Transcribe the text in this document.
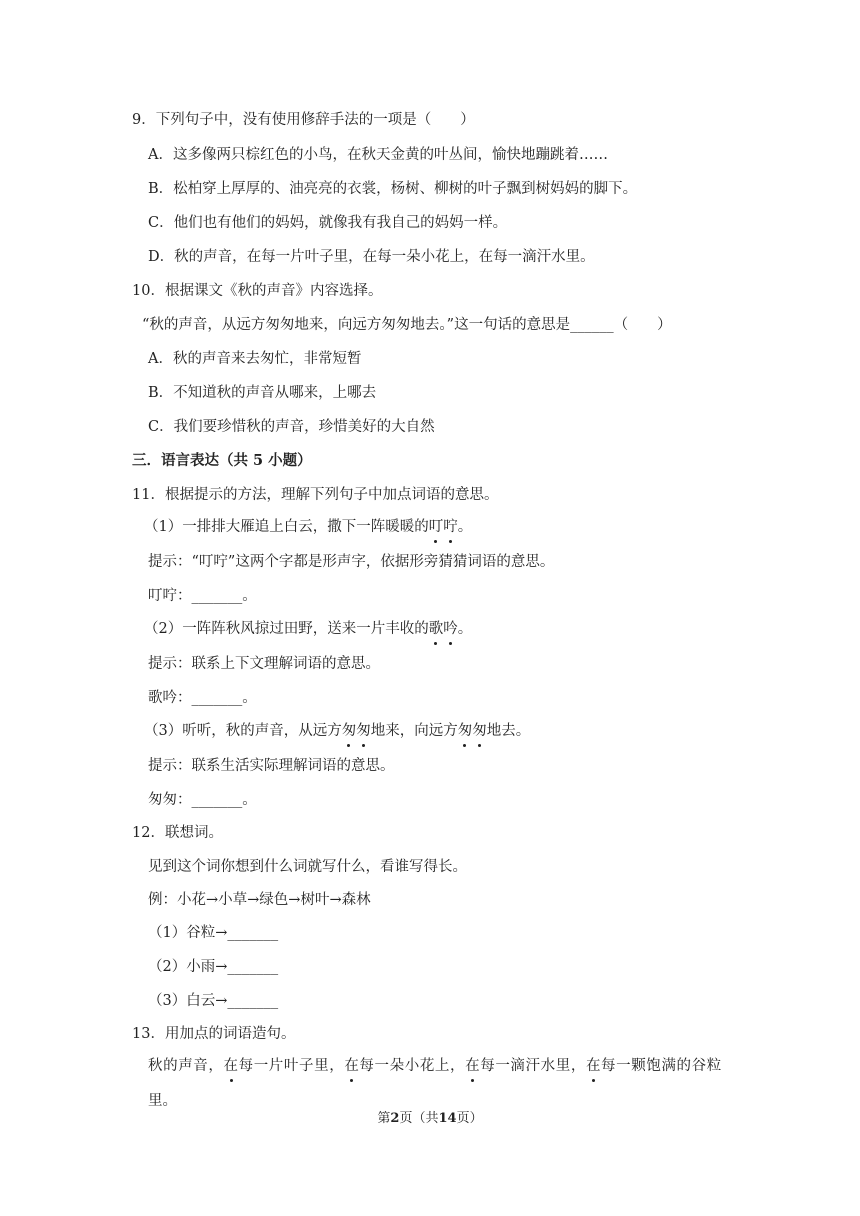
9．下列句子中，没有使用修辞手法的一项是（　　）
A．这多像两只棕红色的小鸟，在秋天金黄的叶丛间，愉快地蹦跳着……
B．松柏穿上厚厚的、油亮亮的衣裳，杨树、柳树的叶子飘到树妈妈的脚下。
C．他们也有他们的妈妈，就像我有我自己的妈妈一样。
D．秋的声音，在每一片叶子里，在每一朵小花上，在每一滴汗水里。
10．根据课文《秋的声音》内容选择。
“秋的声音，从远方匆匆地来，向远方匆匆地去。”这一句话的意思是______（　　）
A．秋的声音来去匆忙，非常短暂
B．不知道秋的声音从哪来，上哪去
C．我们要珍惜秋的声音，珍惜美好的大自然
三．语言表达（共 5 小题）
11．根据提示的方法，理解下列句子中加点词语的意思。
（1）一排排大雁追上白云，撒下一阵暖暖的叮咛。
提示：“叮咛”这两个字都是形声字，依据形旁猜猜词语的意思。
叮咛：_______。
（2）一阵阵秋风掠过田野，送来一片丰收的歌吟。
提示：联系上下文理解词语的意思。
歌吟：_______。
（3）听听，秋的声音，从远方匆匆地来，向远方匆匆地去。
提示：联系生活实际理解词语的意思。
匆匆：_______。
12．联想词。
见到这个词你想到什么词就写什么，看谁写得长。
例：小花→小草→绿色→树叶→森林
（1）谷粒→_______
（2）小雨→_______
（3）白云→_______
13．用加点的词语造句。
秋的声音，在每一片叶子里，在每一朵小花上，在每一滴汗水里，在每一颗饱满的谷粒
里。
第2页（共14页）
